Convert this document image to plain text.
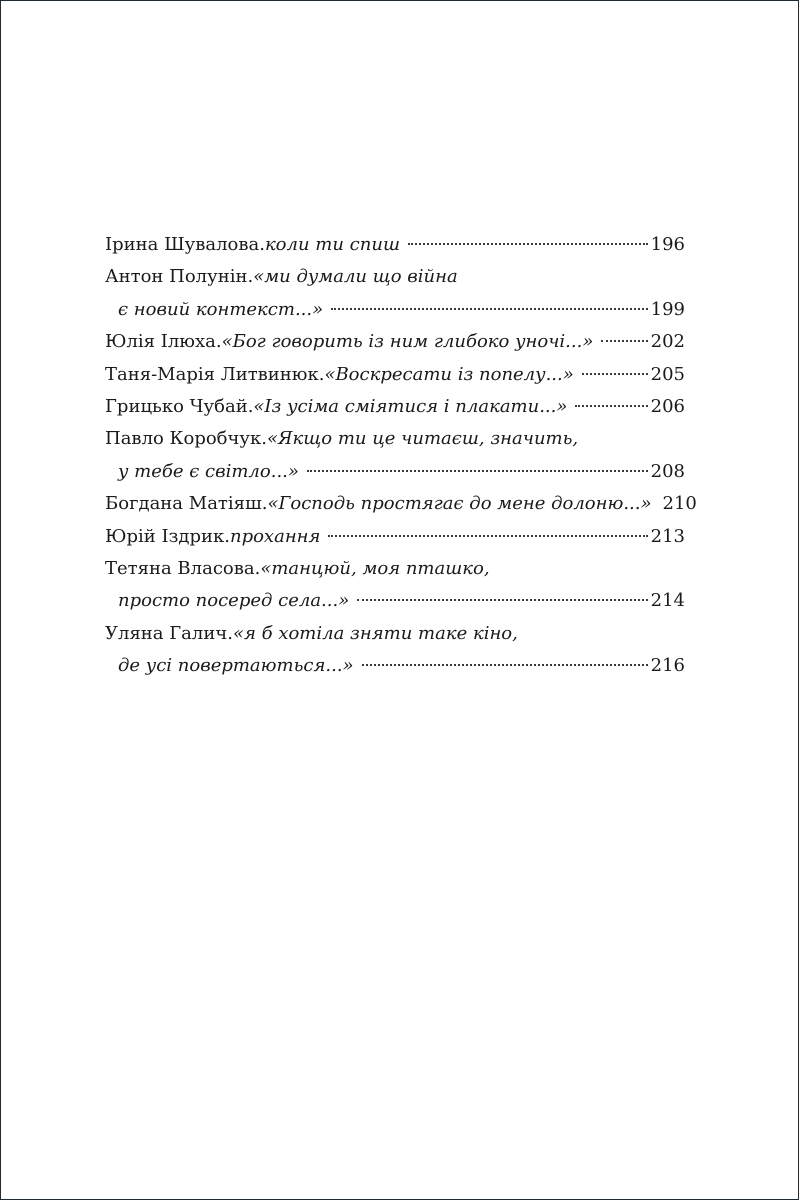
Ірина Шувалова. коли ти спиш	196
Антон Полунін. «ми думали що війна
є новий контекст...»	199
Юлія Ілюха. «Бог говорить із ним глибоко уночі...»	202
Таня-Марія Литвинюк. «Воскресати із попелу...»	205
Грицько Чубай. «Із усіма сміятися і плакати...»	206
Павло Коробчук. «Якщо ти це читаєш, значить,
у тебе є світло...»	208
Богдана Матіяш. «Господь простягає до мене долоню...» 210
Юрій Іздрик. прохання	213
Тетяна Власова. «танцюй, моя пташко,
просто посеред села...»	214
Уляна Галич. «я б хотіла зняти таке кіно,
де усі повертаються...»	216
